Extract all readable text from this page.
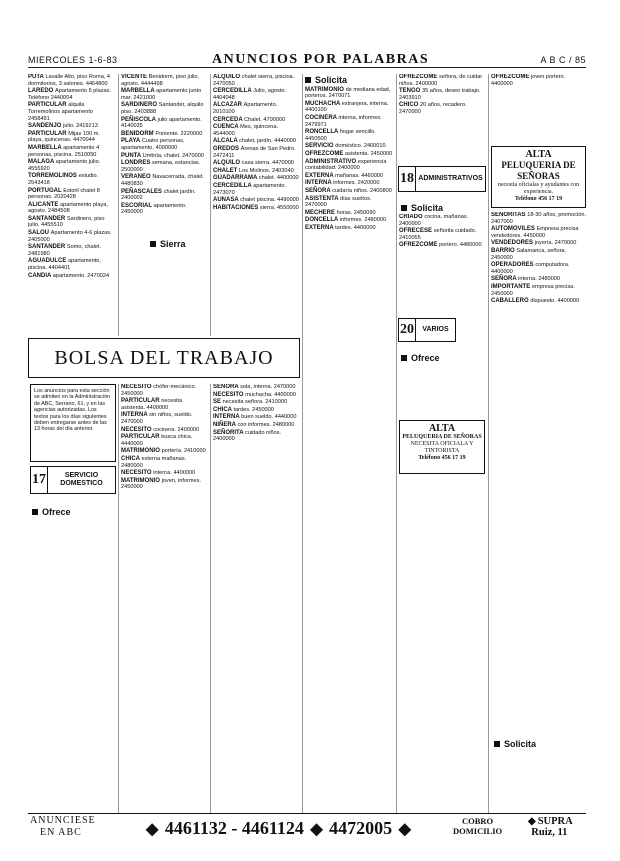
MIERCOLES 1-6-83	ANUNCIOS POR PALABRAS	A B C / 85
PUTA Lavalle Alto, piso Roma, 4 dormitorios, 3 salones. 4464800
LAREDO Apartamento 5 plazas. Teléfono 2440004
PARTICULAR alquila Torremolinos apartamento 2458491
SANDENJO julio. 2419213
PARTICULAR Mijas 100 m. playa, quincenas. 4470044
MARBELLA apartamento 4 personas, piscina. 2510050
MALAGA apartamento julio. 4555920
TORREMOLINOS estudio. 2543418
PORTUGAL Estoril chalet 8 personas. 2020428
ALICANTE apartamento playa, agosto. 2484508
SANTANDER Sardinero, piso julio. 4455510
SALOU Apartamento 4-6 plazas. 2405000
SANTANDER Somo, chalet. 2481980
AGUADULCE apartamento, piscina. 4404401
CANDIA apartamento. 2470024
VICENTE Benidorm, piso julio, agosto. 4444498
MARBELLA apartamento junto mar. 2421000
SARDINERO Santander, alquilo piso. 2403888
PEÑISCOLA julio apartamento. 4140035
BENIDORM Poniente. 2220000
PLAYA Cuatro personas, apartamento. 4000000
PUNTA Umbría, chalet. 2470000
LONDRES semana, estancias. 2500000
VERANEO Navacerrada, chalet. 4480830
PEÑASCALES chalet jardín. 2400002
ESCORIAL apartamento. 2450000
ALQUILO chalet sierra, piscina. 2470050
CERCEDILLA Julio, agosto. 4404048
ALCAZAR Apartamento. 2010100
CERCEDA Chalet. 4700000
CUENCA Mes, quincena. 4544000
ALCALA chalet, jardín. 4440000
GREDOS Arenas de San Pedro. 2472411
ALQUILO casa sierra. 4470000
CHALET Los Molinos. 2403040
GUADARRAMA chalet. 4400000
CERCEDILLA apartamento. 2473070
AUNASA chalet piscina. 4490000
HABITACIONES sierra. 4550000
Sierra
Solicita
MATRIMONIO de mediana edad, porteros. 2470071
MUCHACHA extranjera, interna. 4400100
COCINERA interna, informes. 2479971
RONCELLA hogar sencillo. 4450500
SERVICIO doméstico. 2400010
OFREZCOME asistenta. 2450000
ADMINISTRATIVO experiencia contabilidad. 2400000
EXTERNA mañanas. 4460000
INTERNA informes. 2420000
SEÑORA cuidaría niños. 2400800
ASISTENTA días sueltos. 2470000
MECHERE horas. 2450090
DONCELLA informes. 2480000
EXTERNA tardes. 4400000
OFREZCOME señora, de cuidar niños. 2400000
TENGO 35 años, deseo trabajo. 2403910
CHICO 20 años, recadero. 2470000
18 ADMINISTRATIVOS
Solicita
CRIADO cocina, mañanas. 2400000
OFRECESE señorita cuidado. 2410055
OFREZCOME portero. 4480000
20	VARIOS
Ofrece
ALTA
PELUQUERIA DE SEÑORAS
NECESITA OFICIALA Y TINTORISTA
Teléfono 456 17 19
OFREZCOME joven portero. 4400000
ALTA
PELUQUERIA DE SEÑORAS
necesita oficialas y ayudantes con experiencia.
Teléfono 456 17 19
SEÑORITAS 18-30 años, promoción. 2407000
AUTOMOVILES Empresa precisa vendedores. 4450000
VENDEDORES joyería. 2470000
BARRIO Salamanca, señora. 2450000
OPERADORES computadora. 4400000
SEÑORA interna. 2480000
IMPORTANTE empresa precisa. 2450000
CABALLERO dispuesto. 4400000
Solicita
BOLSA DEL TRABAJO
Los anuncios para esta sección se admiten en la Administración de ABC, Serrano, 61, y en las agencias autorizadas. Los textos para los días siguientes deben entregarse antes de las 13 horas del día anterior.
17	SERVICIO DOMESTICO
Ofrece
NECESITO chófer-mecánico. 2450000
PARTICULAR necesita asistenta. 4400000
INTERNA sin niños, sueldo. 2470000
NECESITO cocinera. 2400000
PARTICULAR busca chica. 4440000
MATRIMONIO portería. 2410000
CHICA externa mañanas. 2480000
NECESITO interna. 4400000
MATRIMONIO joven, informes. 2450000
SEÑORA sola, interna. 2470000
NECESITO muchacha. 4400000
SE necesita señora. 2410000
CHICA tardes. 2450000
INTERNA buen sueldo. 4440000
NIÑERA con informes. 2480000
SEÑORITA cuidado niños. 2400000
ANUNCIESE
EN ABC	◆ 4461132 - 4461124 ◆ 4472005 ◆	COBRO
DOMICILIO
◆ SUPRA
Ruiz, 11
